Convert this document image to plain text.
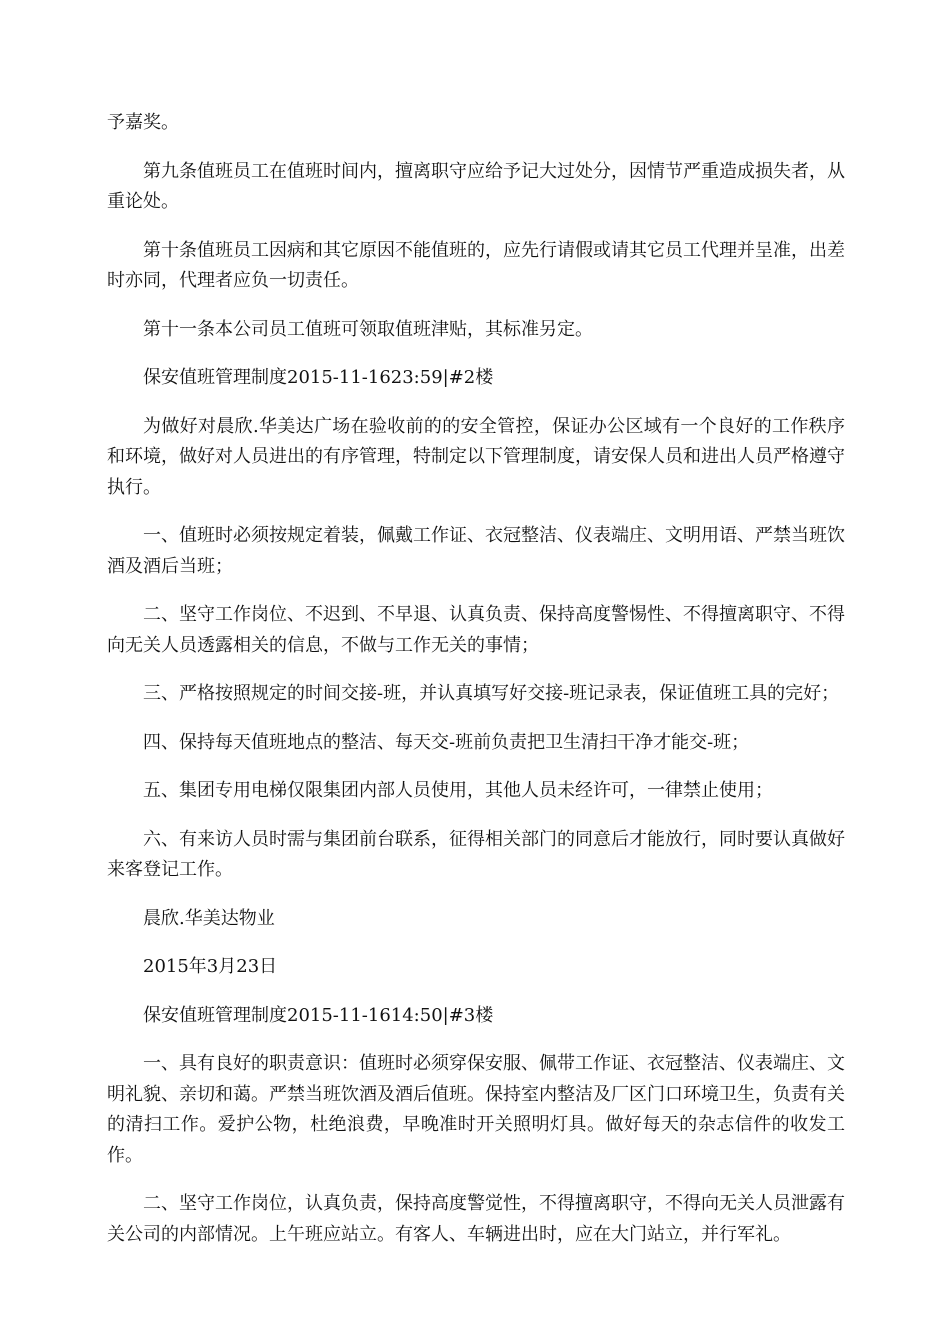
予嘉奖。

第九条值班员工在值班时间内，擅离职守应给予记大过处分，因情节严重造成损失者，从重论处。

第十条值班员工因病和其它原因不能值班的，应先行请假或请其它员工代理并呈准，出差时亦同，代理者应负一切责任。

第十一条本公司员工值班可领取值班津贴，其标准另定。

保安值班管理制度2015-11-1623:59|#2楼

为做好对晨欣.华美达广场在验收前的的安全管控，保证办公区域有一个良好的工作秩序和环境，做好对人员进出的有序管理，特制定以下管理制度，请安保人员和进出人员严格遵守执行。

一、值班时必须按规定着装，佩戴工作证、衣冠整洁、仪表端庄、文明用语、严禁当班饮酒及酒后当班；

二、坚守工作岗位、不迟到、不早退、认真负责、保持高度警惕性、不得擅离职守、不得向无关人员透露相关的信息，不做与工作无关的事情；

三、严格按照规定的时间交接-班，并认真填写好交接-班记录表，保证值班工具的完好；

四、保持每天值班地点的整洁、每天交-班前负责把卫生清扫干净才能交-班；

五、集团专用电梯仅限集团内部人员使用，其他人员未经许可，一律禁止使用；

六、有来访人员时需与集团前台联系，征得相关部门的同意后才能放行，同时要认真做好来客登记工作。

晨欣.华美达物业

2015年3月23日

保安值班管理制度2015-11-1614:50|#3楼

一、具有良好的职责意识：值班时必须穿保安服、佩带工作证、衣冠整洁、仪表端庄、文明礼貌、亲切和蔼。严禁当班饮酒及酒后值班。保持室内整洁及厂区门口环境卫生，负责有关的清扫工作。爱护公物，杜绝浪费，早晚准时开关照明灯具。做好每天的杂志信件的收发工作。

二、坚守工作岗位，认真负责，保持高度警觉性，不得擅离职守，不得向无关人员泄露有关公司的内部情况。上午班应站立。有客人、车辆进出时，应在大门站立，并行军礼。
